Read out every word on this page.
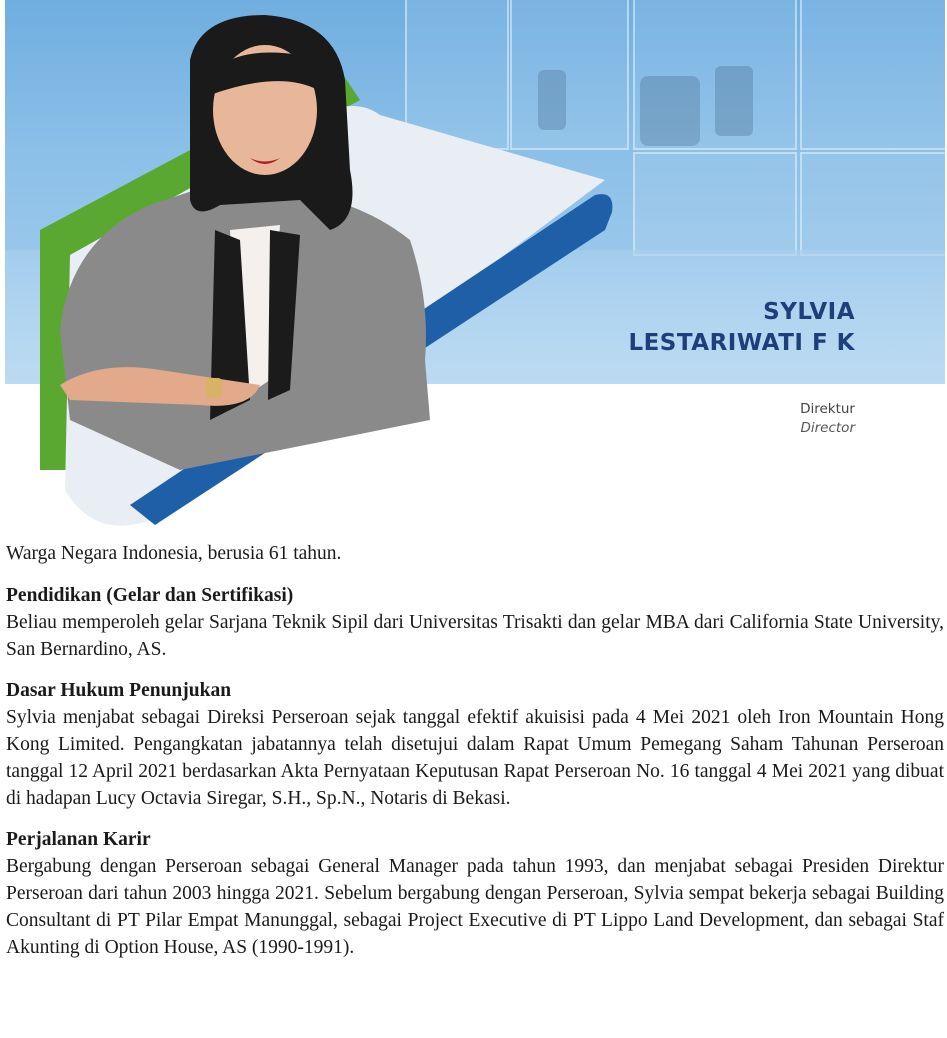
SYLVIA
LESTARIWATI F K
Direktur
Director

Warga Negara Indonesia, berusia 61 tahun.

Pendidikan (Gelar dan Sertifikasi)

Beliau memperoleh gelar Sarjana Teknik Sipil dari Universitas Trisakti dan gelar MBA dari California State University, San Bernardino, AS.

Dasar Hukum Penunjukan

Sylvia menjabat sebagai Direksi Perseroan sejak tanggal efektif akuisisi pada 4 Mei 2021 oleh Iron Mountain Hong Kong Limited. Pengangkatan jabatannya telah disetujui dalam Rapat Umum Pemegang Saham Tahunan Perseroan tanggal 12 April 2021 berdasarkan Akta Pernyataan Keputusan Rapat Perseroan No. 16 tanggal 4 Mei 2021 yang dibuat di hadapan Lucy Octavia Siregar, S.H., Sp.N., Notaris di Bekasi.

Perjalanan Karir

Bergabung dengan Perseroan sebagai General Manager pada tahun 1993, dan menjabat sebagai Presiden Direktur Perseroan dari tahun 2003 hingga 2021. Sebelum bergabung dengan Perseroan, Sylvia sempat bekerja sebagai Building Consultant di PT Pilar Empat Manunggal, sebagai Project Executive di PT Lippo Land Development, dan sebagai Staf Akunting di Option House, AS (1990-1991).
